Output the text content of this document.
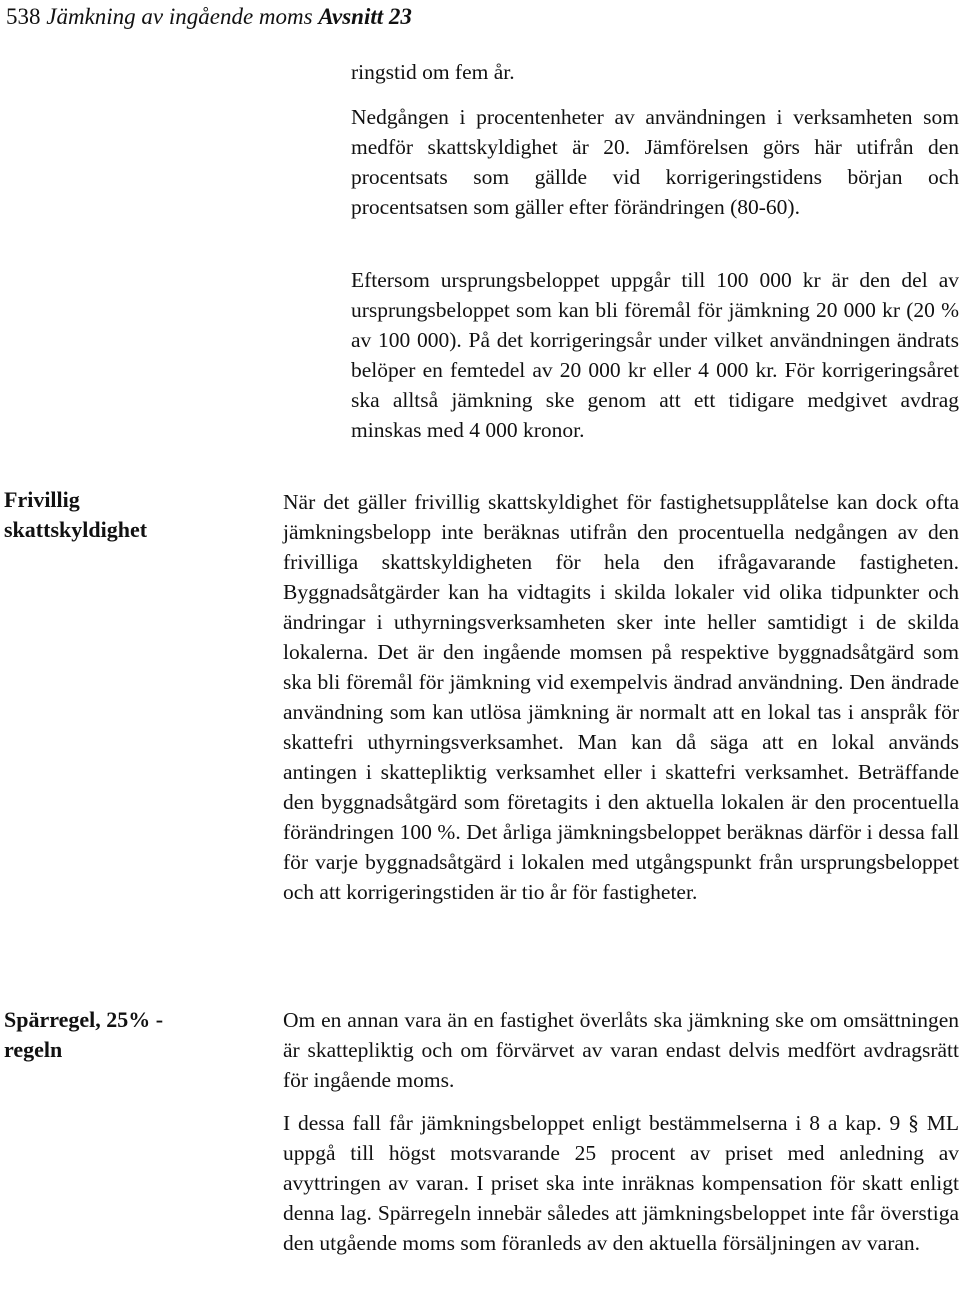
538 Jämkning av ingående moms Avsnitt 23

ringstid om fem år.

Nedgången i procentenheter av användningen i verksamheten som medför skattskyldighet är 20. Jämförelsen görs här utifrån den procentsats som gällde vid korrigeringstidens början och procentsatsen som gäller efter förändringen (80-60).

Eftersom ursprungsbeloppet uppgår till 100 000 kr är den del av ursprungsbeloppet som kan bli föremål för jämkning 20 000 kr (20 % av 100 000). På det korrigeringsår under vilket användningen ändrats belöper en femtedel av 20 000 kr eller 4 000 kr. För korrigeringsåret ska alltså jämkning ske genom att ett tidigare medgivet avdrag minskas med 4 000 kronor.

Frivillig skattskyldighet

När det gäller frivillig skattskyldighet för fastighetsupplåtelse kan dock ofta jämkningsbelopp inte beräknas utifrån den procentuella nedgången av den frivilliga skattskyldigheten för hela den ifrågavarande fastigheten. Byggnadsåtgärder kan ha vidtagits i skilda lokaler vid olika tidpunkter och ändringar i uthyrningsverksamheten sker inte heller samtidigt i de skilda lokalerna. Det är den ingående momsen på respektive byggnadsåtgärd som ska bli föremål för jämkning vid exempelvis ändrad användning. Den ändrade användning som kan utlösa jämkning är normalt att en lokal tas i anspråk för skattefri uthyrningsverksamhet. Man kan då säga att en lokal används antingen i skattepliktig verksamhet eller i skattefri verksamhet. Beträffande den byggnadsåtgärd som företagits i den aktuella lokalen är den procentuella förändringen 100 %. Det årliga jämkningsbeloppet beräknas därför i dessa fall för varje byggnadsåtgärd i lokalen med utgångspunkt från ursprungsbeloppet och att korrigeringstiden är tio år för fastigheter.

Spärregel, 25% - regeln

Om en annan vara än en fastighet överlåts ska jämkning ske om omsättningen är skattepliktig och om förvärvet av varan endast delvis medfört avdragsrätt för ingående moms.

I dessa fall får jämkningsbeloppet enligt bestämmelserna i 8 a kap. 9 § ML uppgå till högst motsvarande 25 procent av priset med anledning av avyttringen av varan. I priset ska inte inräknas kompensation för skatt enligt denna lag. Spärregeln innebär således att jämkningsbeloppet inte får överstiga den utgående moms som föranleds av den aktuella försäljningen av varan.
